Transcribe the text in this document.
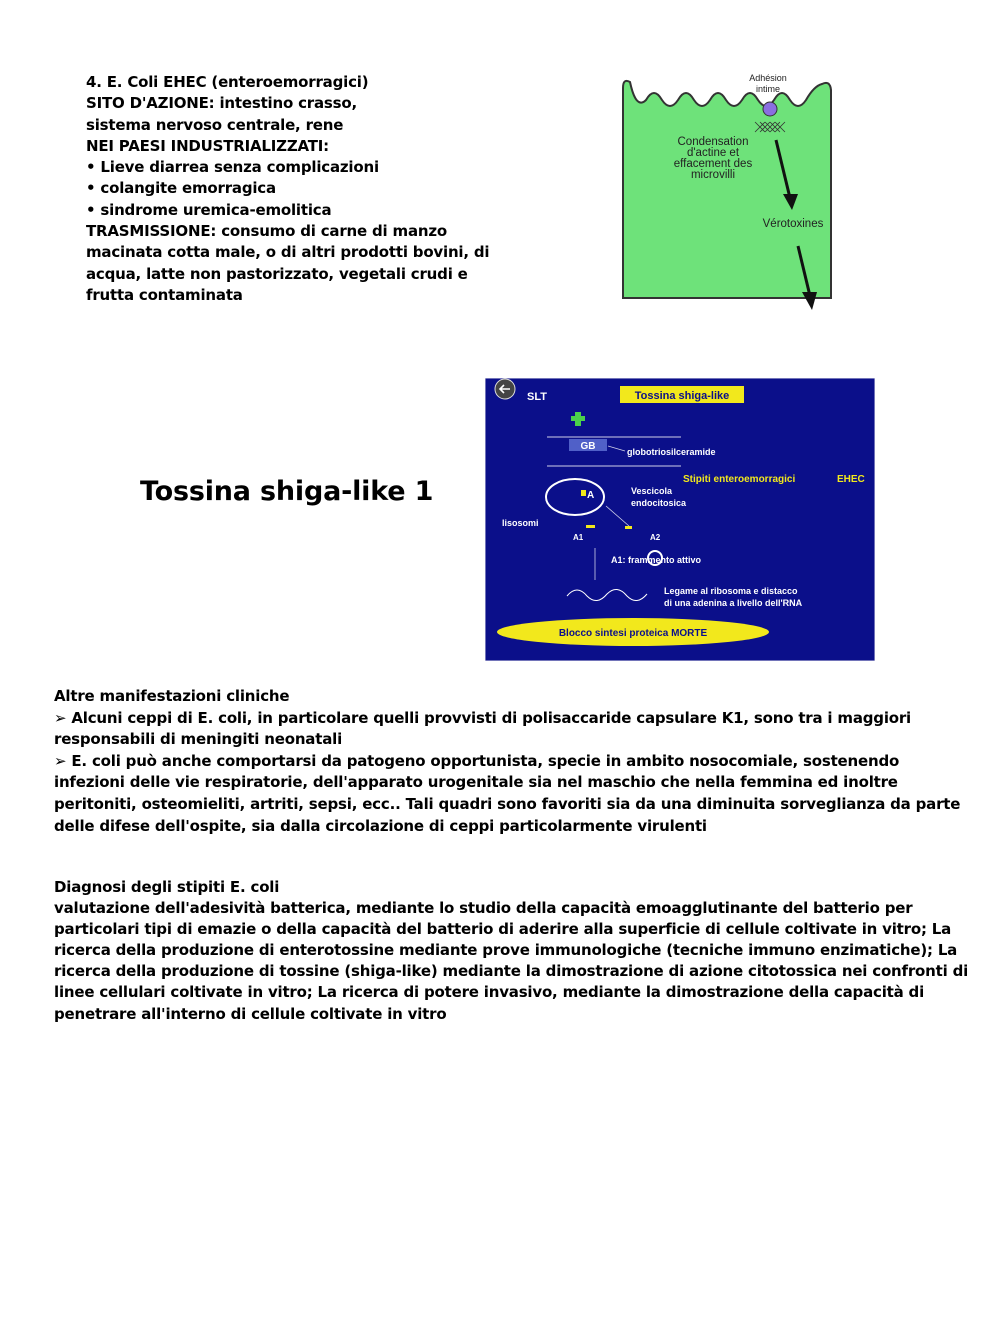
4. E. Coli EHEC (enteroemorragici)
SITO D'AZIONE: intestino crasso,
sistema nervoso centrale, rene
NEI PAESI INDUSTRIALIZZATI:
• Lieve diarrea senza complicazioni
• colangite emorragica
• sindrome uremica-emolitica
TRASMISSIONE: consumo di carne di manzo
macinata cotta male, o di altri prodotti bovini, di
acqua, latte non pastorizzato, vegetali crudi e
frutta contaminata
Adhésion
intime
Condensation
d'actine et
effacement des
microvilli
Vérotoxines
SLT	Tossina shiga-like
GB	globotriosilceramide
Stipiti enteroemorragici	EHEC
A	Vescicola
endocitosica
lisosomi
A1	A2
A1: frammento attivo
Legame al ribosoma e distacco
di una adenina a livello dell'RNA
Blocco sintesi proteica MORTE
Tossina shiga-like 1

Altre manifestazioni cliniche

➢ Alcuni ceppi di E. coli, in particolare quelli provvisti di polisaccaride capsulare K1, sono tra i maggiori responsabili di meningiti neonatali

➢ E. coli può anche comportarsi da patogeno opportunista, specie in ambito nosocomiale, sostenendo infezioni delle vie respiratorie, dell'apparato urogenitale sia nel maschio che nella femmina ed inoltre peritoniti, osteomieliti, artriti, sepsi, ecc.. Tali quadri sono favoriti sia da una diminuita sorveglianza da parte delle difese dell'ospite, sia dalla circolazione di ceppi particolarmente virulenti

Diagnosi degli stipiti E. coli

valutazione dell'adesività batterica, mediante lo studio della capacità emoagglutinante del batterio per particolari tipi di emazie o della capacità del batterio di aderire alla superficie di cellule coltivate in vitro; La ricerca della produzione di enterotossine mediante prove immunologiche (tecniche immuno enzimatiche); La ricerca della produzione di tossine (shiga-like) mediante la dimostrazione di azione citotossica nei confronti di linee cellulari coltivate in vitro; La ricerca di potere invasivo, mediante la dimostrazione della capacità di penetrare all'interno di cellule coltivate in vitro
